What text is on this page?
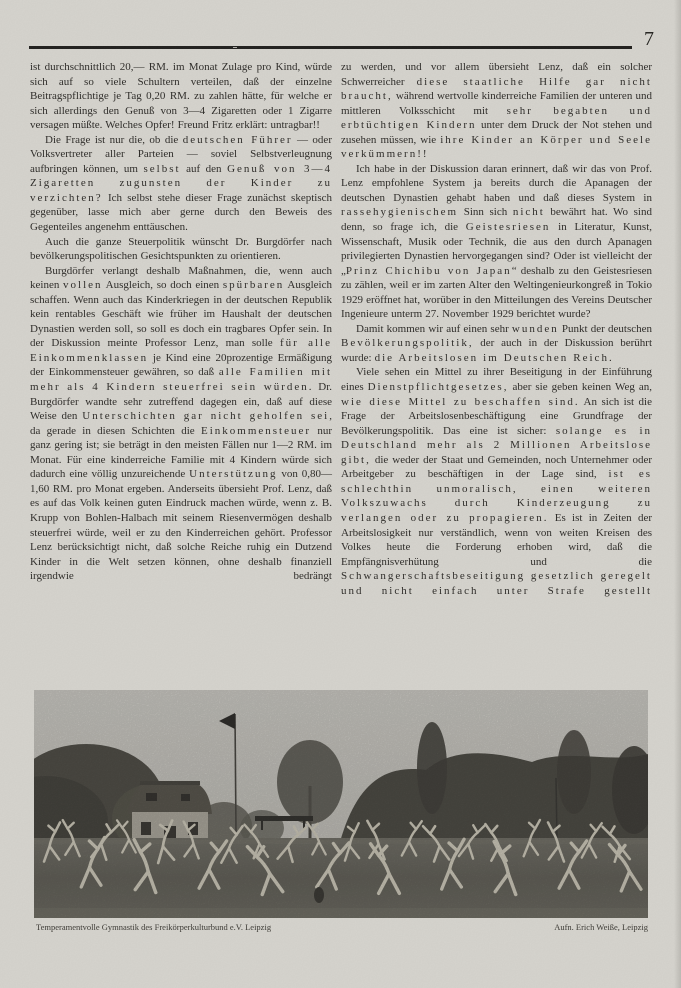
7

ist durchschnittlich 20,— RM. im Monat Zulage pro Kind, würde sich auf so viele Schultern verteilen, daß der einzelne Beitragspflichtige je Tag 0,20 RM. zu zahlen hätte, für welche er sich allerdings den Genuß von 3—4 Zigaretten oder 1 Zigarre versagen müßte. Welches Opfer! Freund Fritz erklärt: untragbar!!

Die Frage ist nur die, ob die deutschen Führer — oder Volksvertreter aller Parteien — soviel Selbstverleugnung aufbringen können, um selbst auf den Genuß von 3—4 Zigaretten zugunsten der Kinder zu verzichten? Ich selbst stehe dieser Frage zunächst skeptisch gegenüber, lasse mich aber gerne durch den Beweis des Gegenteiles angenehm enttäuschen.

Auch die ganze Steuerpolitik wünscht Dr. Burgdörfer nach bevölkerungspolitischen Gesichtspunkten zu orientieren.

Burgdörfer verlangt deshalb Maßnahmen, die, wenn auch keinen vollen Ausgleich, so doch einen spürbaren Ausgleich schaffen. Wenn auch das Kinderkriegen in der deutschen Republik kein rentables Geschäft wie früher im Haushalt der deutschen Dynastien werden soll, so soll es doch ein tragbares Opfer sein. In der Diskussion meinte Professor Lenz, man solle für alle Einkommenklassen je Kind eine 20prozentige Ermäßigung der Einkommensteuer gewähren, so daß alle Familien mit mehr als 4 Kindern steuerfrei sein würden. Dr. Burgdörfer wandte sehr zutreffend dagegen ein, daß auf diese Weise den Unterschichten gar nicht geholfen sei, da gerade in diesen Schichten die Einkommensteuer nur ganz gering ist; sie beträgt in den meisten Fällen nur 1—2 RM. im Monat. Für eine kinderreiche Familie mit 4 Kindern würde sich dadurch eine völlig unzureichende Unterstützung von 0,80—1,60 RM. pro Monat ergeben. Anderseits übersieht Prof. Lenz, daß es auf das Volk keinen guten Eindruck machen würde, wenn z. B. Krupp von Bohlen-Halbach mit seinem Riesenvermögen deshalb steuerfrei würde, weil er zu den Kinderreichen gehört. Professor Lenz berücksichtigt nicht, daß solche Reiche ruhig ein Dutzend Kinder in die Welt setzen können, ohne deshalb finanziell irgendwie bedrängt

zu werden, und vor allem übersieht Lenz, daß ein solcher Schwerreicher diese staatliche Hilfe gar nicht braucht, während wertvolle kinderreiche Familien der unteren und mittleren Volksschicht mit sehr begabten und erbtüchtigen Kindern unter dem Druck der Not stehen und zusehen müssen, wie ihre Kinder an Körper und Seele verkümmern!!

Ich habe in der Diskussion daran erinnert, daß wir das von Prof. Lenz empfohlene System ja bereits durch die Apanagen der deutschen Dynastien gehabt haben und daß dieses System in rassehygienischem Sinn sich nicht bewährt hat. Wo sind denn, so frage ich, die Geistesriesen in Literatur, Kunst, Wissenschaft, Musik oder Technik, die aus den durch Apanagen privilegierten Dynastien hervorgegangen sind? Oder ist vielleicht der „Prinz Chichibu von Japan“ deshalb zu den Geistesriesen zu zählen, weil er im zarten Alter den Weltingenieurkongreß in Tokio 1929 eröffnet hat, worüber in den Mitteilungen des Vereins Deutscher Ingenieure unterm 27. November 1929 berichtet wurde?

Damit kommen wir auf einen sehr wunden Punkt der deutschen Bevölkerungspolitik, der auch in der Diskussion berührt wurde: die Arbeitslosen im Deutschen Reich.

Viele sehen ein Mittel zu ihrer Beseitigung in der Einführung eines Dienstpflichtgesetzes, aber sie geben keinen Weg an, wie diese Mittel zu beschaffen sind. An sich ist die Frage der Arbeitslosenbeschäftigung eine Grundfrage der Bevölkerungspolitik. Das eine ist sicher: solange es in Deutschland mehr als 2 Millionen Arbeitslose gibt, die weder der Staat und Gemeinden, noch Unternehmer oder Arbeitgeber zu beschäftigen in der Lage sind, ist es schlechthin unmoralisch, einen weiteren Volkszuwachs durch Kinderzeugung zu verlangen oder zu propagieren. Es ist in Zeiten der Arbeitslosigkeit nur verständlich, wenn von weiten Kreisen des Volkes heute die Forderung erhoben wird, daß die Empfängnisverhütung und die Schwangerschaftsbeseitigung gesetzlich geregelt und nicht einfach unter Strafe gestellt

Temperamentvolle Gymnastik des Freikörperkulturbund e.V. Leipzig	Aufn. Erich Weiße, Leipzig
